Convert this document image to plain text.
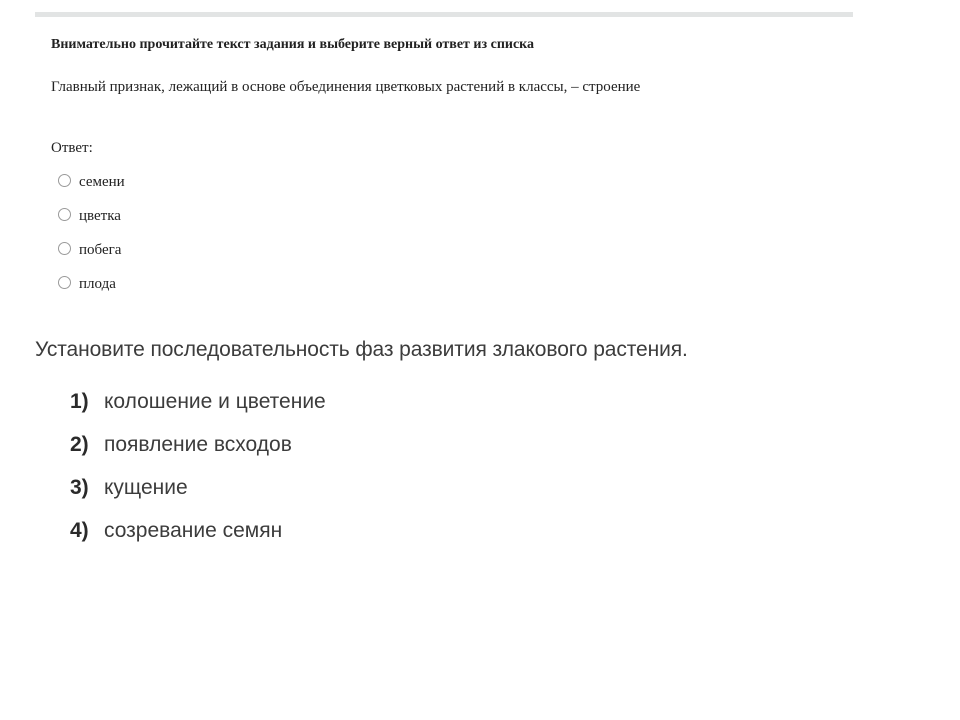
Внимательно прочитайте текст задания и выберите верный ответ из списка
Главный признак, лежащий в основе объединения цветковых растений в классы, – строение
Ответ:
семени
цветка
побега
плода
Установите последовательность фаз развития злакового растения.
1) колошение и цветение
2) появление всходов
3) кущение
4) созревание семян
